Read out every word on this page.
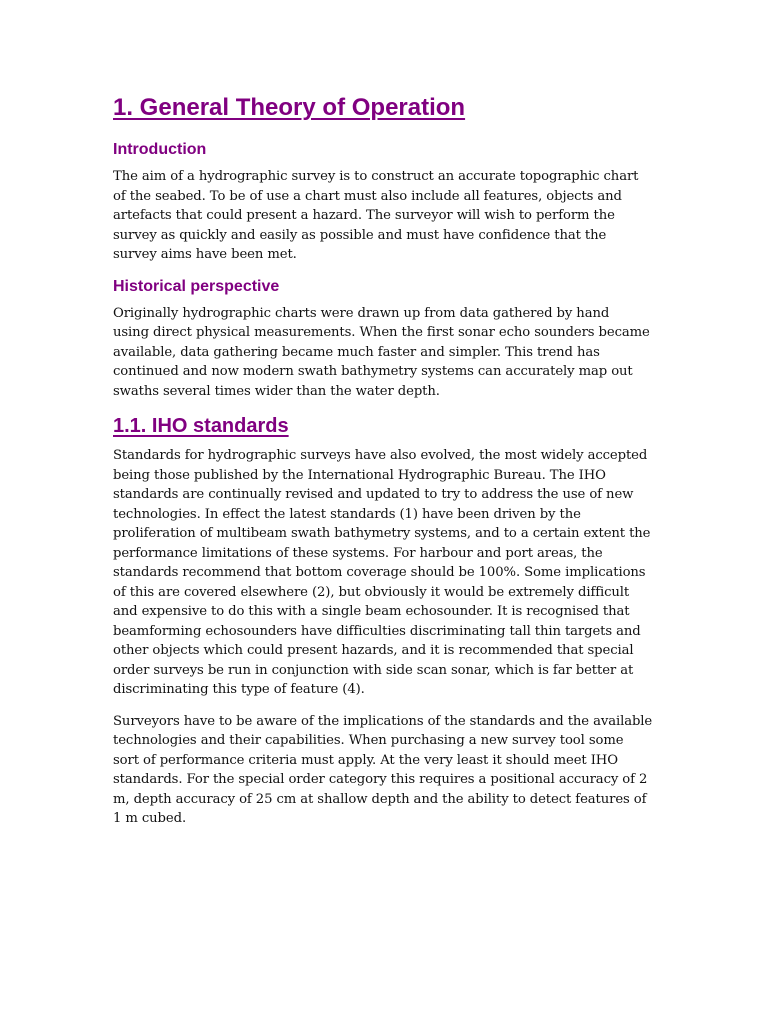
1. General Theory of Operation
Introduction

The aim of a hydrographic survey is to construct an accurate topographic chart
of the seabed. To be of use a chart must also include all features, objects and
artefacts that could present a hazard. The surveyor will wish to perform the
survey as quickly and easily as possible and must have confidence that the
survey aims have been met.

Historical perspective

Originally hydrographic charts were drawn up from data gathered by hand
using direct physical measurements. When the first sonar echo sounders became
available, data gathering became much faster and simpler. This trend has
continued and now modern swath bathymetry systems can accurately map out
swaths several times wider than the water depth.

1.1. IHO standards

Standards for hydrographic surveys have also evolved, the most widely accepted
being those published by the International Hydrographic Bureau. The IHO
standards are continually revised and updated to try to address the use of new
technologies. In effect the latest standards (1) have been driven by the
proliferation of multibeam swath bathymetry systems, and to a certain extent the
performance limitations of these systems. For harbour and port areas, the
standards recommend that bottom coverage should be 100%. Some implications
of this are covered elsewhere (2), but obviously it would be extremely difficult
and expensive to do this with a single beam echosounder. It is recognised that
beamforming echosounders have difficulties discriminating tall thin targets and
other objects which could present hazards, and it is recommended that special
order surveys be run in conjunction with side scan sonar, which is far better at
discriminating this type of feature (4).

Surveyors have to be aware of the implications of the standards and the available
technologies and their capabilities. When purchasing a new survey tool some
sort of performance criteria must apply. At the very least it should meet IHO
standards. For the special order category this requires a positional accuracy of 2
m, depth accuracy of 25 cm at shallow depth and the ability to detect features of
1 m cubed.
